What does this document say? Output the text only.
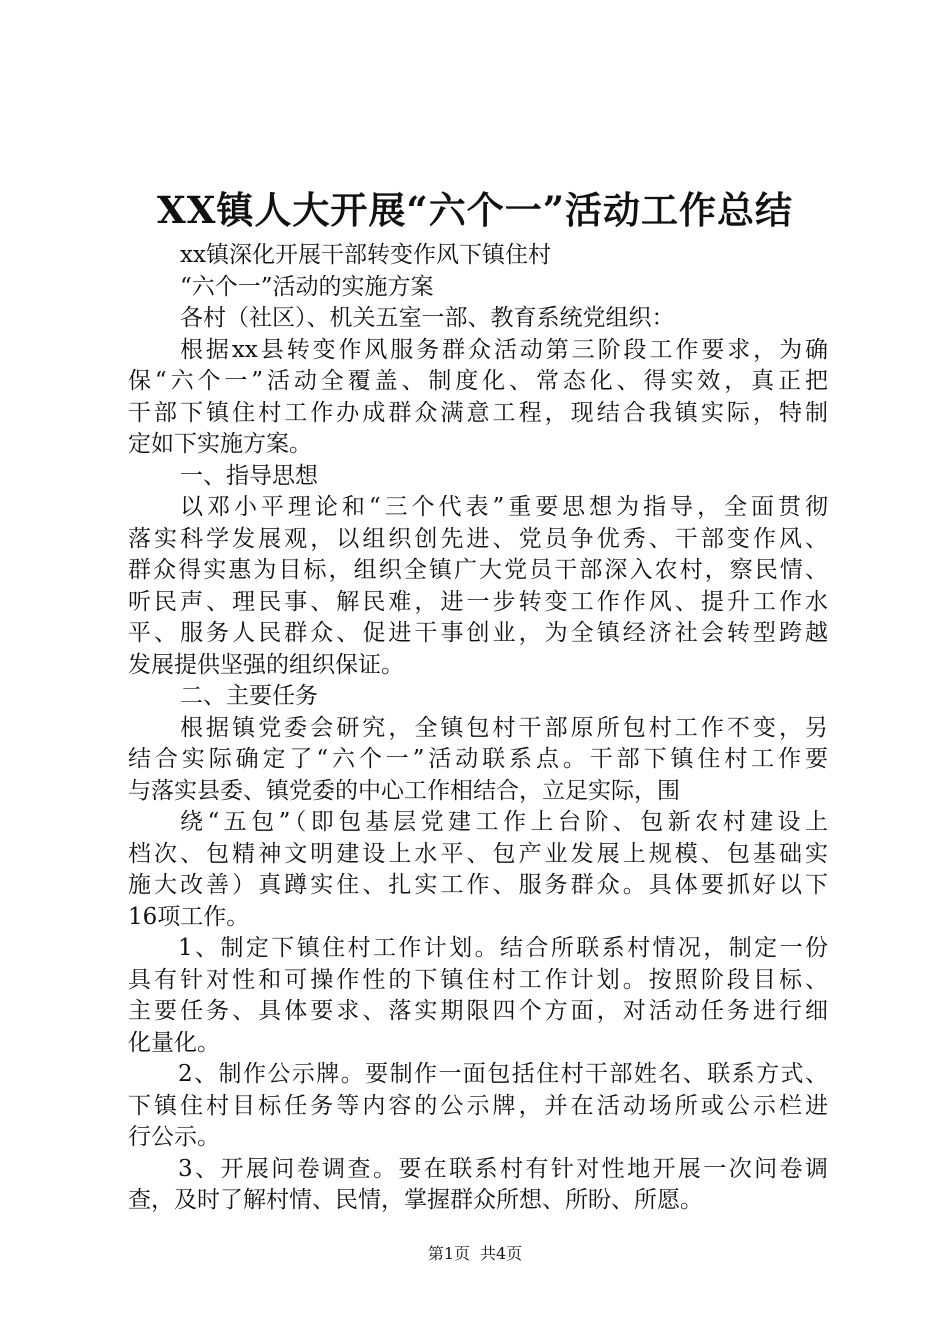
XX镇人大开展“六个一”活动工作总结
xx镇深化开展干部转变作风下镇住村
“六个一”活动的实施方案
各村（社区）、机关五室一部、教育系统党组织：
根据xx县转变作风服务群众活动第三阶段工作要求，为确
保“六个一”活动全覆盖、制度化、常态化、得实效，真正把
干部下镇住村工作办成群众满意工程，现结合我镇实际，特制
定如下实施方案。
一、指导思想
以邓小平理论和“三个代表”重要思想为指导，全面贯彻
落实科学发展观，以组织创先进、党员争优秀、干部变作风、
群众得实惠为目标，组织全镇广大党员干部深入农村，察民情、
听民声、理民事、解民难，进一步转变工作作风、提升工作水
平、服务人民群众、促进干事创业，为全镇经济社会转型跨越
发展提供坚强的组织保证。
二、主要任务
根据镇党委会研究，全镇包村干部原所包村工作不变，另
结合实际确定了“六个一”活动联系点。干部下镇住村工作要
与落实县委、镇党委的中心工作相结合，立足实际，围
绕“五包”（即包基层党建工作上台阶、包新农村建设上
档次、包精神文明建设上水平、包产业发展上规模、包基础实
施大改善）真蹲实住、扎实工作、服务群众。具体要抓好以下
16项工作。
1、制定下镇住村工作计划。结合所联系村情况，制定一份
具有针对性和可操作性的下镇住村工作计划。按照阶段目标、
主要任务、具体要求、落实期限四个方面，对活动任务进行细
化量化。
2、制作公示牌。要制作一面包括住村干部姓名、联系方式、
下镇住村目标任务等内容的公示牌，并在活动场所或公示栏进
行公示。
3、开展问卷调查。要在联系村有针对性地开展一次问卷调
查，及时了解村情、民情，掌握群众所想、所盼、所愿。
第1页 共4页
